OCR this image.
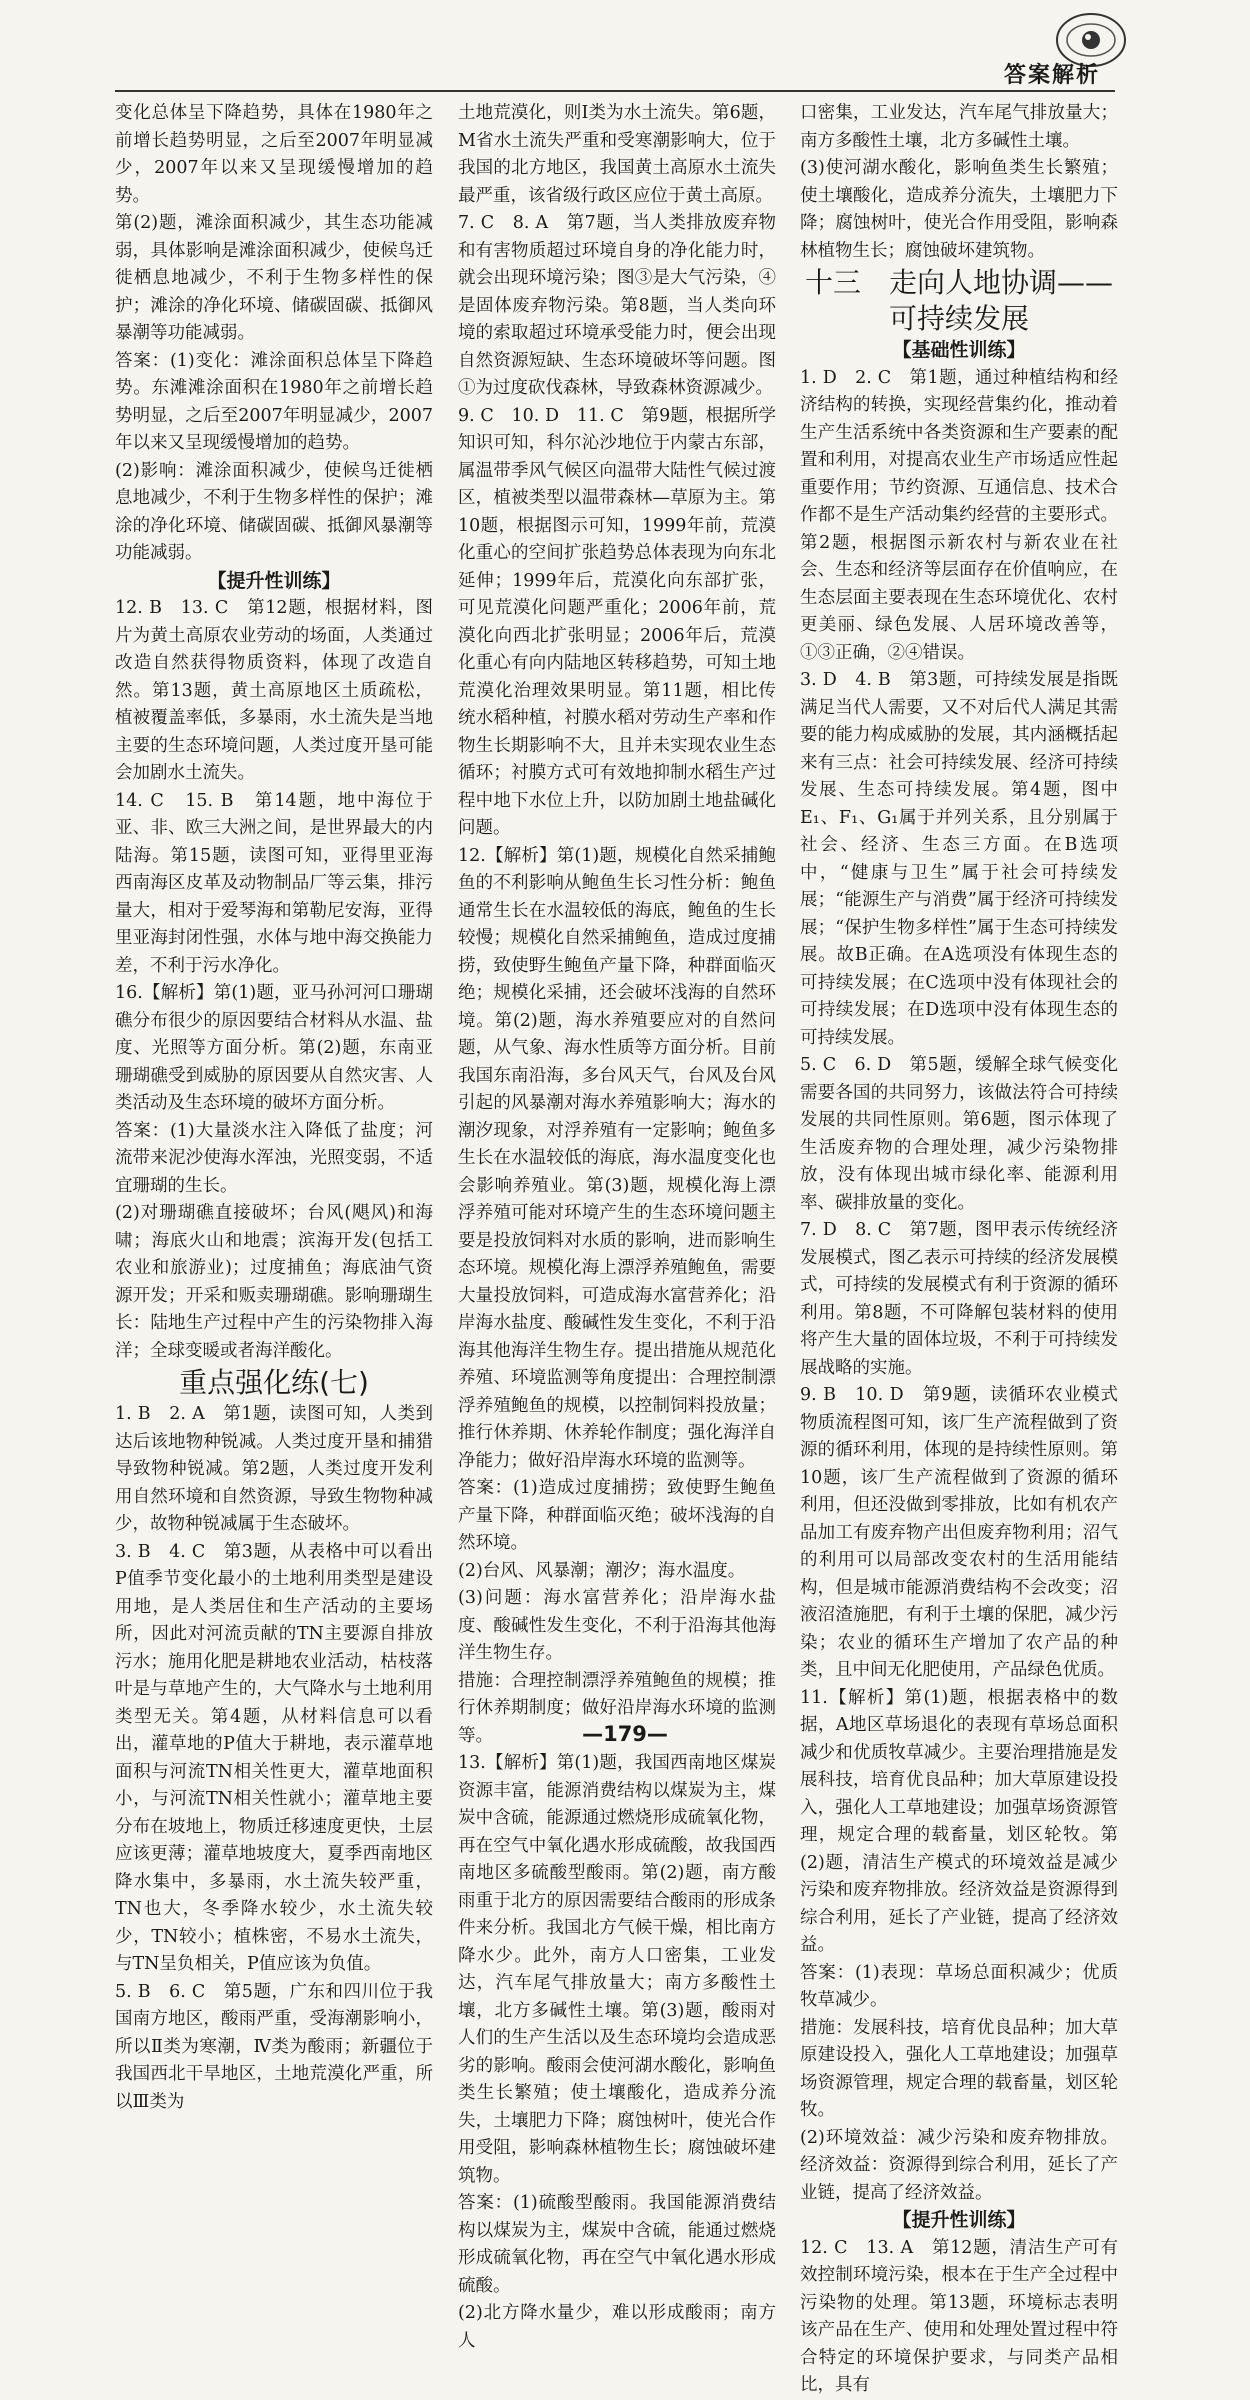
答案解析

变化总体呈下降趋势，具体在1980年之前增长趋势明显，之后至2007年明显减少，2007年以来又呈现缓慢增加的趋势。

第(2)题，滩涂面积减少，其生态功能减弱，具体影响是滩涂面积减少，使候鸟迁徙栖息地减少，不利于生物多样性的保护；滩涂的净化环境、储碳固碳、抵御风暴潮等功能减弱。

答案：(1)变化：滩涂面积总体呈下降趋势。东滩滩涂面积在1980年之前增长趋势明显，之后至2007年明显减少，2007年以来又呈现缓慢增加的趋势。

(2)影响：滩涂面积减少，使候鸟迁徙栖息地减少，不利于生物多样性的保护；滩涂的净化环境、储碳固碳、抵御风暴潮等功能减弱。

【提升性训练】

12. B　13. C　第12题，根据材料，图片为黄土高原农业劳动的场面，人类通过改造自然获得物质资料，体现了改造自然。第13题，黄土高原地区土质疏松，植被覆盖率低，多暴雨，水土流失是当地主要的生态环境问题，人类过度开垦可能会加剧水土流失。

14. C　15. B　第14题，地中海位于亚、非、欧三大洲之间，是世界最大的内陆海。第15题，读图可知，亚得里亚海西南海区皮革及动物制品厂等云集，排污量大，相对于爱琴海和第勒尼安海，亚得里亚海封闭性强，水体与地中海交换能力差，不利于污水净化。

16.【解析】第(1)题，亚马孙河河口珊瑚礁分布很少的原因要结合材料从水温、盐度、光照等方面分析。第(2)题，东南亚珊瑚礁受到威胁的原因要从自然灾害、人类活动及生态环境的破坏方面分析。

答案：(1)大量淡水注入降低了盐度；河流带来泥沙使海水浑浊，光照变弱，不适宜珊瑚的生长。

(2)对珊瑚礁直接破坏；台风(飓风)和海啸；海底火山和地震；滨海开发(包括工农业和旅游业)；过度捕鱼；海底油气资源开发；开采和贩卖珊瑚礁。影响珊瑚生长：陆地生产过程中产生的污染物排入海洋；全球变暖或者海洋酸化。

重点强化练(七)

1. B　2. A　第1题，读图可知，人类到达后该地物种锐减。人类过度开垦和捕猎导致物种锐减。第2题，人类过度开发利用自然环境和自然资源，导致生物物种减少，故物种锐减属于生态破坏。

3. B　4. C　第3题，从表格中可以看出P值季节变化最小的土地利用类型是建设用地，是人类居住和生产活动的主要场所，因此对河流贡献的TN主要源自排放污水；施用化肥是耕地农业活动，枯枝落叶是与草地产生的，大气降水与土地利用类型无关。第4题，从材料信息可以看出，灌草地的P值大于耕地，表示灌草地面积与河流TN相关性更大，灌草地面积小，与河流TN相关性就小；灌草地主要分布在坡地上，物质迁移速度更快，土层应该更薄；灌草地坡度大，夏季西南地区降水集中，多暴雨，水土流失较严重，TN也大，冬季降水较少，水土流失较少，TN较小；植株密，不易水土流失，与TN呈负相关，P值应该为负值。

5. B　6. C　第5题，广东和四川位于我国南方地区，酸雨严重，受海潮影响小，所以Ⅱ类为寒潮，Ⅳ类为酸雨；新疆位于我国西北干旱地区，土地荒漠化严重，所以Ⅲ类为

土地荒漠化，则Ⅰ类为水土流失。第6题，M省水土流失严重和受寒潮影响大，位于我国的北方地区，我国黄土高原水土流失最严重，该省级行政区应位于黄土高原。

7. C　8. A　第7题，当人类排放废弃物和有害物质超过环境自身的净化能力时，就会出现环境污染；图③是大气污染，④是固体废弃物污染。第8题，当人类向环境的索取超过环境承受能力时，便会出现自然资源短缺、生态环境破坏等问题。图①为过度砍伐森林，导致森林资源减少。

9. C　10. D　11. C　第9题，根据所学知识可知，科尔沁沙地位于内蒙古东部，属温带季风气候区向温带大陆性气候过渡区，植被类型以温带森林—草原为主。第10题，根据图示可知，1999年前，荒漠化重心的空间扩张趋势总体表现为向东北延伸；1999年后，荒漠化向东部扩张，可见荒漠化问题严重化；2006年前，荒漠化向西北扩张明显；2006年后，荒漠化重心有向内陆地区转移趋势，可知土地荒漠化治理效果明显。第11题，相比传统水稻种植，衬膜水稻对劳动生产率和作物生长期影响不大，且并未实现农业生态循环；衬膜方式可有效地抑制水稻生产过程中地下水位上升，以防加剧土地盐碱化问题。

12.【解析】第(1)题，规模化自然采捕鲍鱼的不利影响从鲍鱼生长习性分析：鲍鱼通常生长在水温较低的海底，鲍鱼的生长较慢；规模化自然采捕鲍鱼，造成过度捕捞，致使野生鲍鱼产量下降，种群面临灭绝；规模化采捕，还会破坏浅海的自然环境。第(2)题，海水养殖要应对的自然问题，从气象、海水性质等方面分析。目前我国东南沿海，多台风天气，台风及台风引起的风暴潮对海水养殖影响大；海水的潮汐现象，对浮养殖有一定影响；鲍鱼多生长在水温较低的海底，海水温度变化也会影响养殖业。第(3)题，规模化海上漂浮养殖可能对环境产生的生态环境问题主要是投放饲料对水质的影响，进而影响生态环境。规模化海上漂浮养殖鲍鱼，需要大量投放饲料，可造成海水富营养化；沿岸海水盐度、酸碱性发生变化，不利于沿海其他海洋生物生存。提出措施从规范化养殖、环境监测等角度提出：合理控制漂浮养殖鲍鱼的规模，以控制饲料投放量；推行休养期、休养轮作制度；强化海洋自净能力；做好沿岸海水环境的监测等。

答案：(1)造成过度捕捞；致使野生鲍鱼产量下降，种群面临灭绝；破坏浅海的自然环境。

(2)台风、风暴潮；潮汐；海水温度。

(3)问题：海水富营养化；沿岸海水盐度、酸碱性发生变化，不利于沿海其他海洋生物生存。

措施：合理控制漂浮养殖鲍鱼的规模；推行休养期制度；做好沿岸海水环境的监测等。

13.【解析】第(1)题，我国西南地区煤炭资源丰富，能源消费结构以煤炭为主，煤炭中含硫，能源通过燃烧形成硫氧化物，再在空气中氧化遇水形成硫酸，故我国西南地区多硫酸型酸雨。第(2)题，南方酸雨重于北方的原因需要结合酸雨的形成条件来分析。我国北方气候干燥，相比南方降水少。此外，南方人口密集，工业发达，汽车尾气排放量大；南方多酸性土壤，北方多碱性土壤。第(3)题，酸雨对人们的生产生活以及生态环境均会造成恶劣的影响。酸雨会使河湖水酸化，影响鱼类生长繁殖；使土壤酸化，造成养分流失，土壤肥力下降；腐蚀树叶，使光合作用受阻，影响森林植物生长；腐蚀破坏建筑物。

答案：(1)硫酸型酸雨。我国能源消费结构以煤炭为主，煤炭中含硫，能通过燃烧形成硫氧化物，再在空气中氧化遇水形成硫酸。

(2)北方降水量少，难以形成酸雨；南方人

口密集，工业发达，汽车尾气排放量大；南方多酸性土壤，北方多碱性土壤。

(3)使河湖水酸化，影响鱼类生长繁殖；使土壤酸化，造成养分流失，土壤肥力下降；腐蚀树叶，使光合作用受阻，影响森林植物生长；腐蚀破坏建筑物。

十三　走向人地协调——

可持续发展

【基础性训练】

1. D　2. C　第1题，通过种植结构和经济结构的转换，实现经营集约化，推动着生产生活系统中各类资源和生产要素的配置和利用，对提高农业生产市场适应性起重要作用；节约资源、互通信息、技术合作都不是生产活动集约经营的主要形式。第2题，根据图示新农村与新农业在社会、生态和经济等层面存在价值响应，在生态层面主要表现在生态环境优化、农村更美丽、绿色发展、人居环境改善等，①③正确，②④错误。

3. D　4. B　第3题，可持续发展是指既满足当代人需要，又不对后代人满足其需要的能力构成威胁的发展，其内涵概括起来有三点：社会可持续发展、经济可持续发展、生态可持续发展。第4题，图中E₁、F₁、G₁属于并列关系，且分别属于社会、经济、生态三方面。在B选项中，“健康与卫生”属于社会可持续发展；“能源生产与消费”属于经济可持续发展；“保护生物多样性”属于生态可持续发展。故B正确。在A选项没有体现生态的可持续发展；在C选项中没有体现社会的可持续发展；在D选项中没有体现生态的可持续发展。

5. C　6. D　第5题，缓解全球气候变化需要各国的共同努力，该做法符合可持续发展的共同性原则。第6题，图示体现了生活废弃物的合理处理，减少污染物排放，没有体现出城市绿化率、能源利用率、碳排放量的变化。

7. D　8. C　第7题，图甲表示传统经济发展模式，图乙表示可持续的经济发展模式，可持续的发展模式有利于资源的循环利用。第8题，不可降解包装材料的使用将产生大量的固体垃圾，不利于可持续发展战略的实施。

9. B　10. D　第9题，读循环农业模式物质流程图可知，该厂生产流程做到了资源的循环利用，体现的是持续性原则。第10题，该厂生产流程做到了资源的循环利用，但还没做到零排放，比如有机农产品加工有废弃物产出但废弃物利用；沼气的利用可以局部改变农村的生活用能结构，但是城市能源消费结构不会改变；沼液沼渣施肥，有利于土壤的保肥，减少污染；农业的循环生产增加了农产品的种类，且中间无化肥使用，产品绿色优质。

11.【解析】第(1)题，根据表格中的数据，A地区草场退化的表现有草场总面积减少和优质牧草减少。主要治理措施是发展科技，培育优良品种；加大草原建设投入，强化人工草地建设；加强草场资源管理，规定合理的载畜量，划区轮牧。第(2)题，清洁生产模式的环境效益是减少污染和废弃物排放。经济效益是资源得到综合利用，延长了产业链，提高了经济效益。

答案：(1)表现：草场总面积减少；优质牧草减少。

措施：发展科技，培育优良品种；加大草原建设投入，强化人工草地建设；加强草场资源管理，规定合理的载畜量，划区轮牧。

(2)环境效益：减少污染和废弃物排放。经济效益：资源得到综合利用，延长了产业链，提高了经济效益。

【提升性训练】

12. C　13. A　第12题，清洁生产可有效控制环境污染，根本在于生产全过程中污染物的处理。第13题，环境标志表明该产品在生产、使用和处理处置过程中符合特定的环境保护要求，与同类产品相比，具有

—179—
